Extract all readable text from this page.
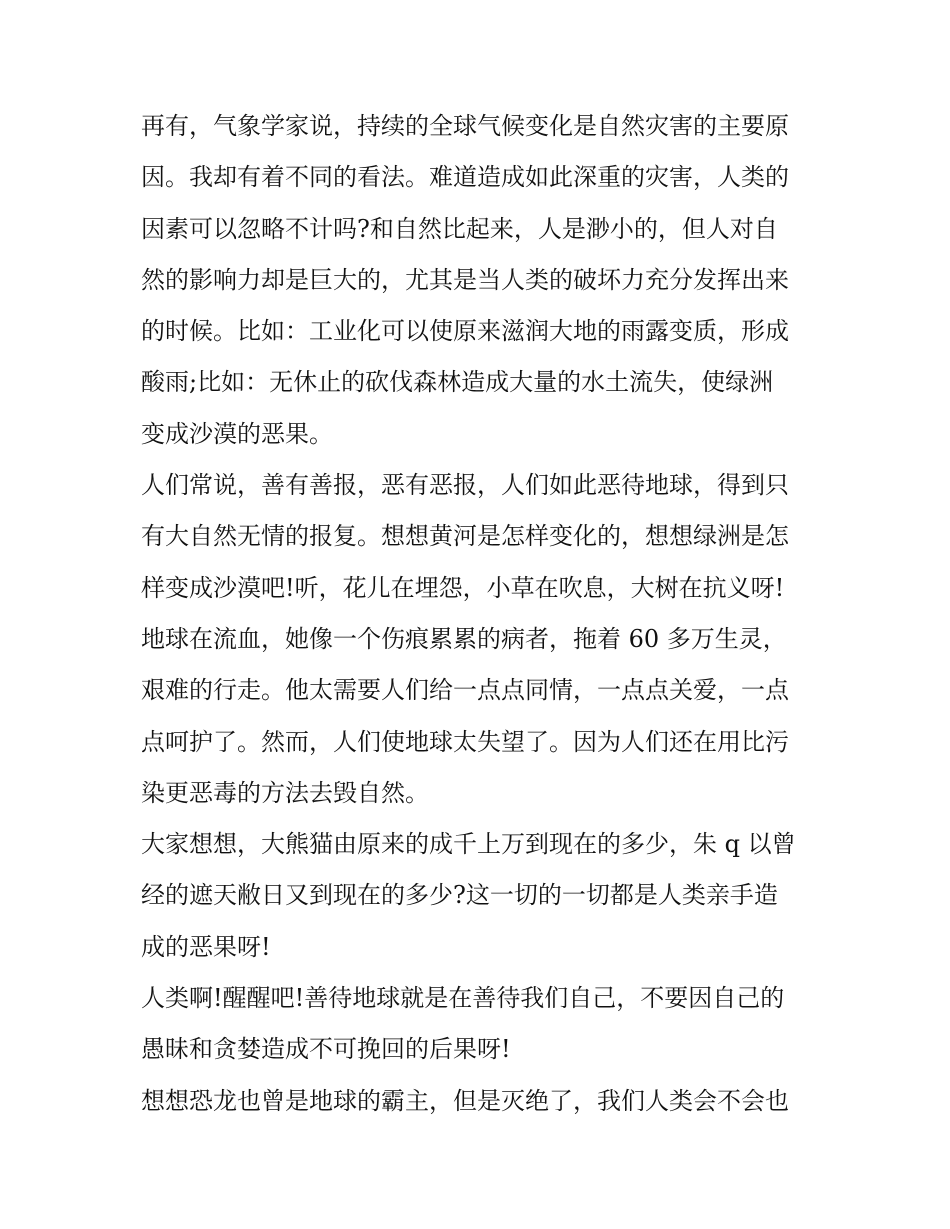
再有，气象学家说，持续的全球气候变化是自然灾害的主要原
因。我却有着不同的看法。难道造成如此深重的灾害，人类的
因素可以忽略不计吗?和自然比起来，人是渺小的，但人对自
然的影响力却是巨大的，尤其是当人类的破坏力充分发挥出来
的时候。比如：工业化可以使原来滋润大地的雨露变质，形成
酸雨;比如：无休止的砍伐森林造成大量的水土流失，使绿洲
变成沙漠的恶果。
人们常说，善有善报，恶有恶报，人们如此恶待地球，得到只
有大自然无情的报复。想想黄河是怎样变化的，想想绿洲是怎
样变成沙漠吧!听，花儿在埋怨，小草在吹息，大树在抗义呀!
地球在流血，她像一个伤痕累累的病者，拖着 60 多万生灵，
艰难的行走。他太需要人们给一点点同情，一点点关爱，一点
点呵护了。然而，人们使地球太失望了。因为人们还在用比污
染更恶毒的方法去毁自然。
大家想想，大熊猫由原来的成千上万到现在的多少，朱 q 以曾
经的遮天敝日又到现在的多少?这一切的一切都是人类亲手造
成的恶果呀!
人类啊!醒醒吧!善待地球就是在善待我们自己，不要因自己的
愚昧和贪婪造成不可挽回的后果呀!
想想恐龙也曾是地球的霸主，但是灭绝了，我们人类会不会也
